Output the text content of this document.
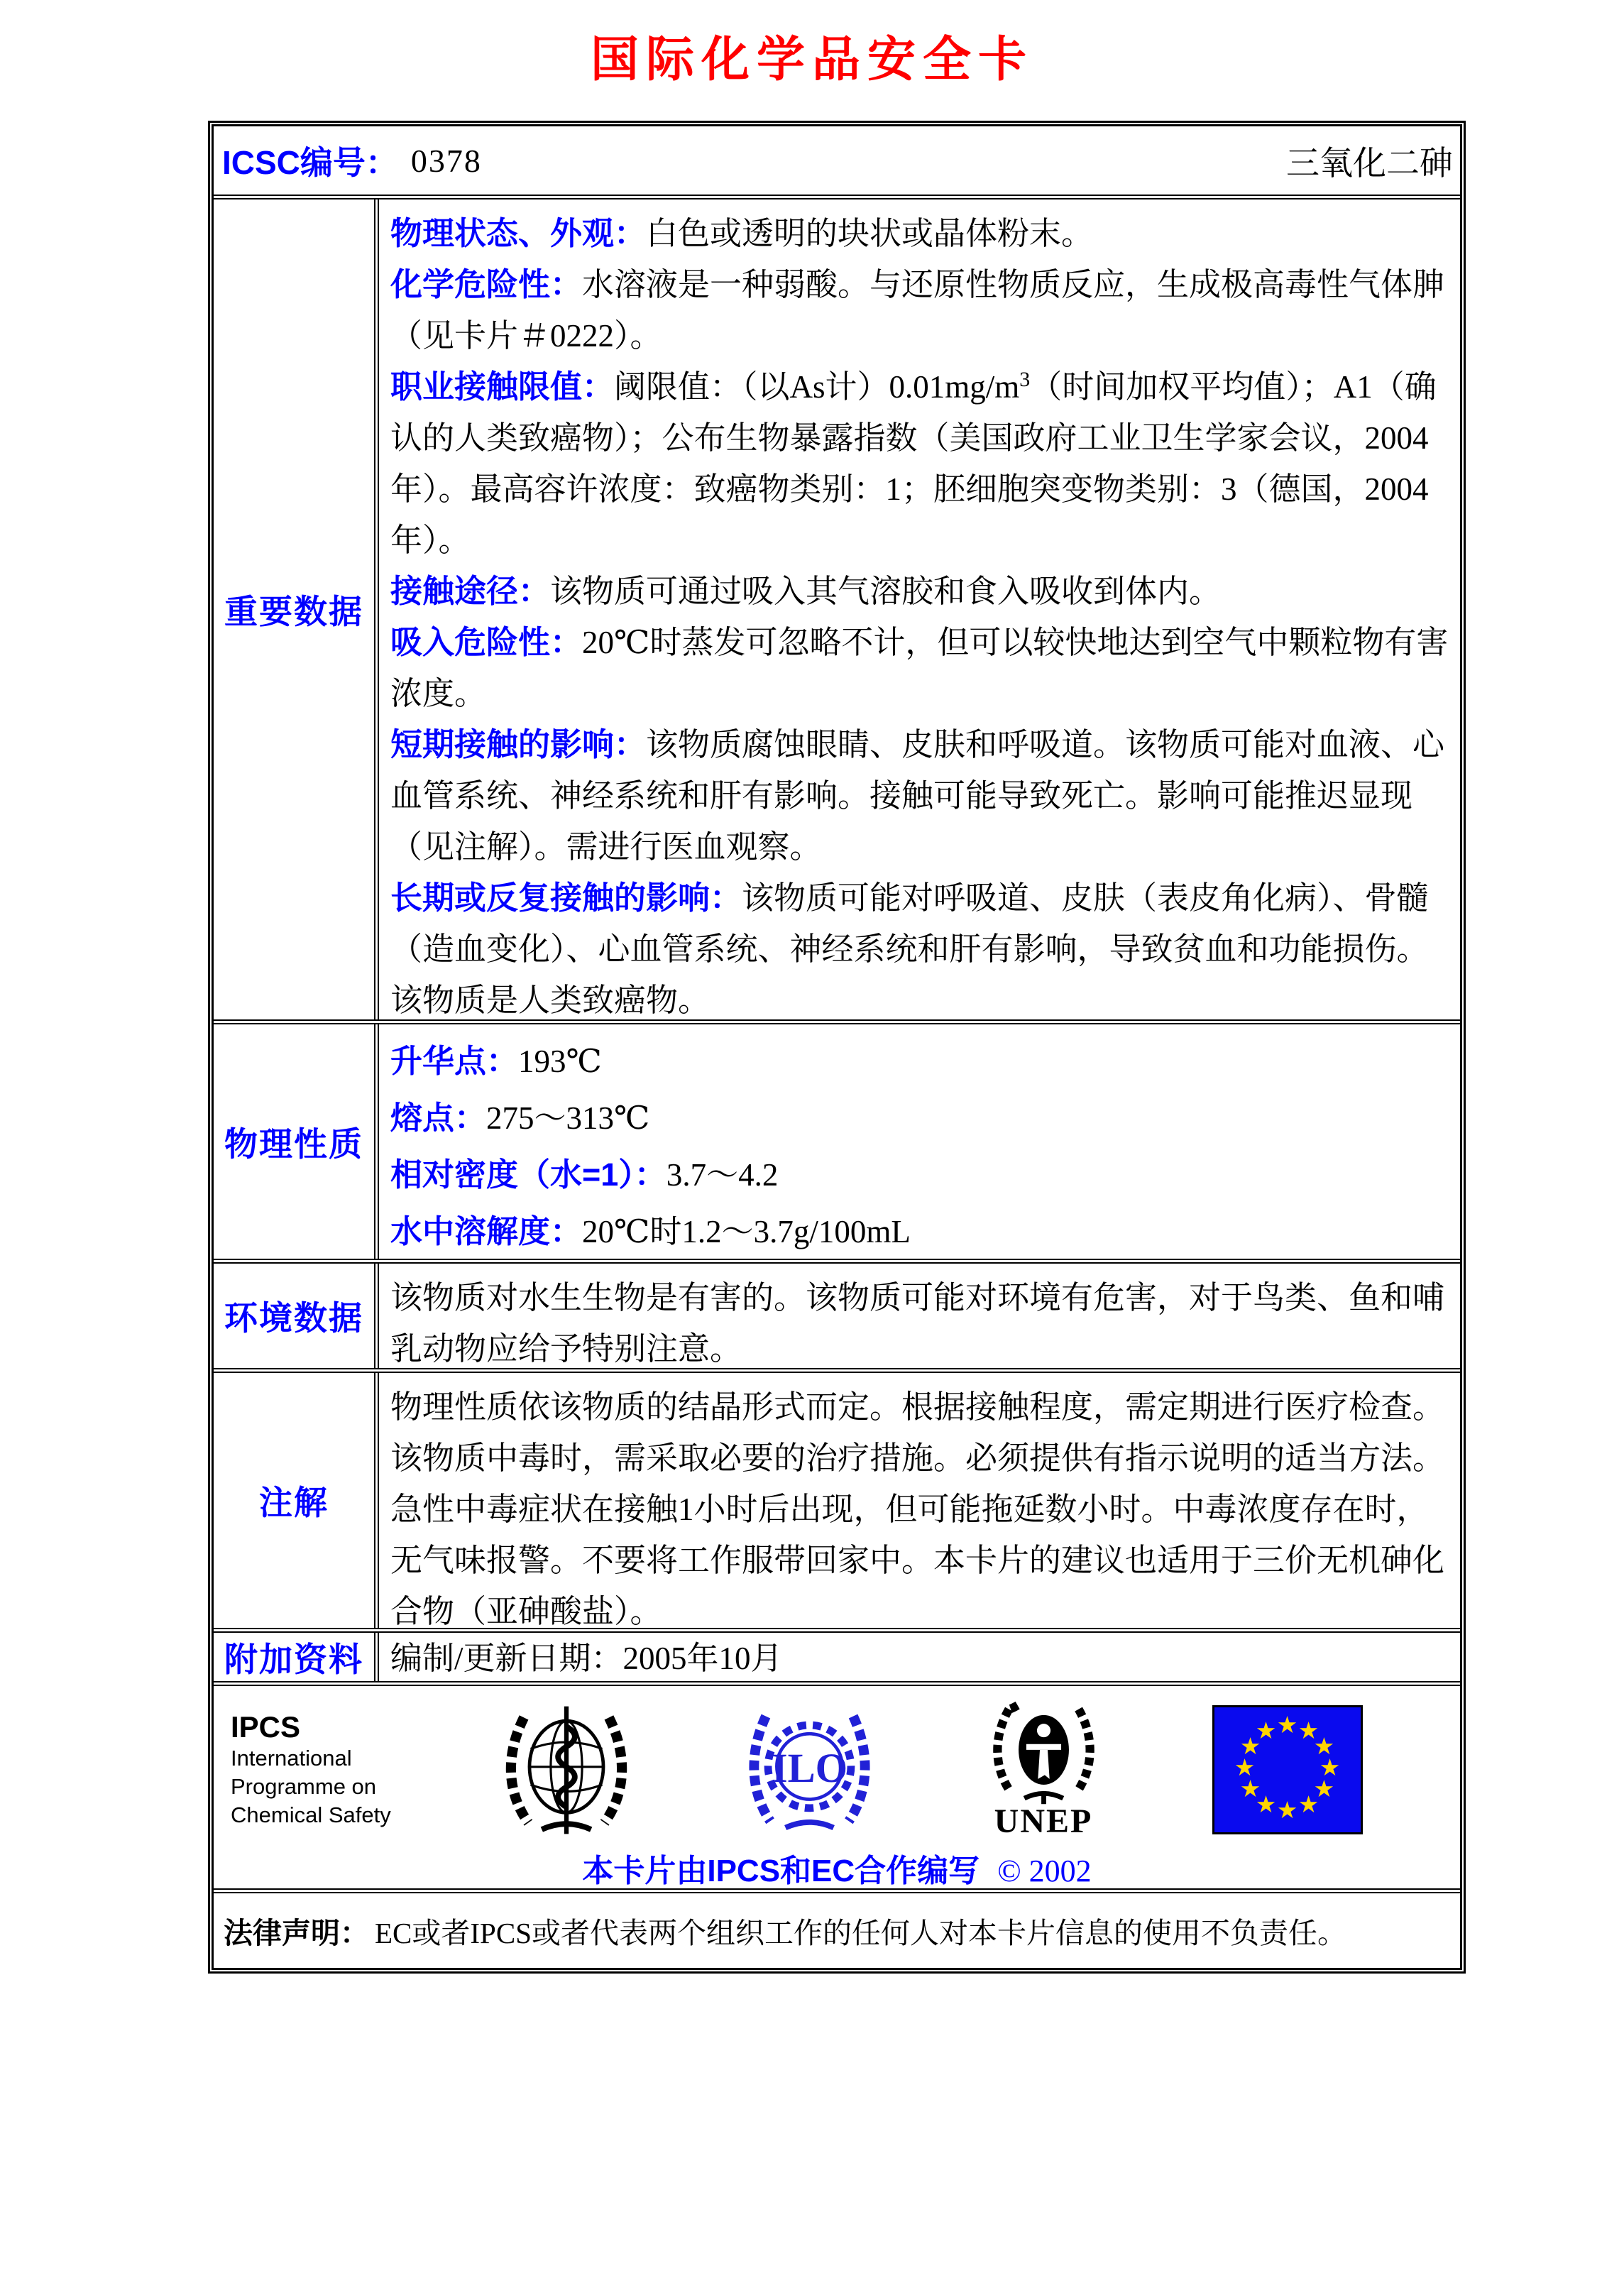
国际化学品安全卡
ICSC编号： 0378	三氧化二砷
重要数据

物理状态、外观：白色或透明的块状或晶体粉末。

化学危险性：水溶液是一种弱酸。与还原性物质反应，生成极高毒性气体胂（见卡片＃0222）。

职业接触限值：阈限值：（以As计）$0.01mg/m^3$（时间加权平均值）；A1（确认的人类致癌物）；公布生物暴露指数（美国政府工业卫生学家会议，2004年）。最高容许浓度：致癌物类别：1；胚细胞突变物类别：3（德国，2004年）。

接触途径：该物质可通过吸入其气溶胶和食入吸收到体内。

吸入危险性：20℃时蒸发可忽略不计，但可以较快地达到空气中颗粒物有害浓度。

短期接触的影响：该物质腐蚀眼睛、皮肤和呼吸道。该物质可能对血液、心血管系统、神经系统和肝有影响。接触可能导致死亡。影响可能推迟显现（见注解）。需进行医血观察。

长期或反复接触的影响：该物质可能对呼吸道、皮肤（表皮角化病）、骨髓（造血变化）、心血管系统、神经系统和肝有影响，导致贫血和功能损伤。该物质是人类致癌物。

物理性质

升华点：193℃

熔点：275～313℃

相对密度（水=1）：3.7～4.2

水中溶解度：20℃时1.2～3.7g/100mL

环境数据

该物质对水生生物是有害的。该物质可能对环境有危害，对于鸟类、鱼和哺乳动物应给予特别注意。

注解

物理性质依该物质的结晶形式而定。根据接触程度，需定期进行医疗检查。该物质中毒时，需采取必要的治疗措施。必须提供有指示说明的适当方法。急性中毒症状在接触1小时后出现，但可能拖延数小时。中毒浓度存在时，无气味报警。不要将工作服带回家中。本卡片的建议也适用于三价无机砷化合物（亚砷酸盐）。

附加资料 编制/更新日期：2005年10月

IPCS
International
Programme on
Chemical Safety
ILO
UNEP
★ ★
★
★
★
★
★
★
★
★
★
★
本卡片由IPCS和EC合作编写 © 2002
法律声明： EC或者IPCS或者代表两个组织工作的任何人对本卡片信息的使用不负责任。
